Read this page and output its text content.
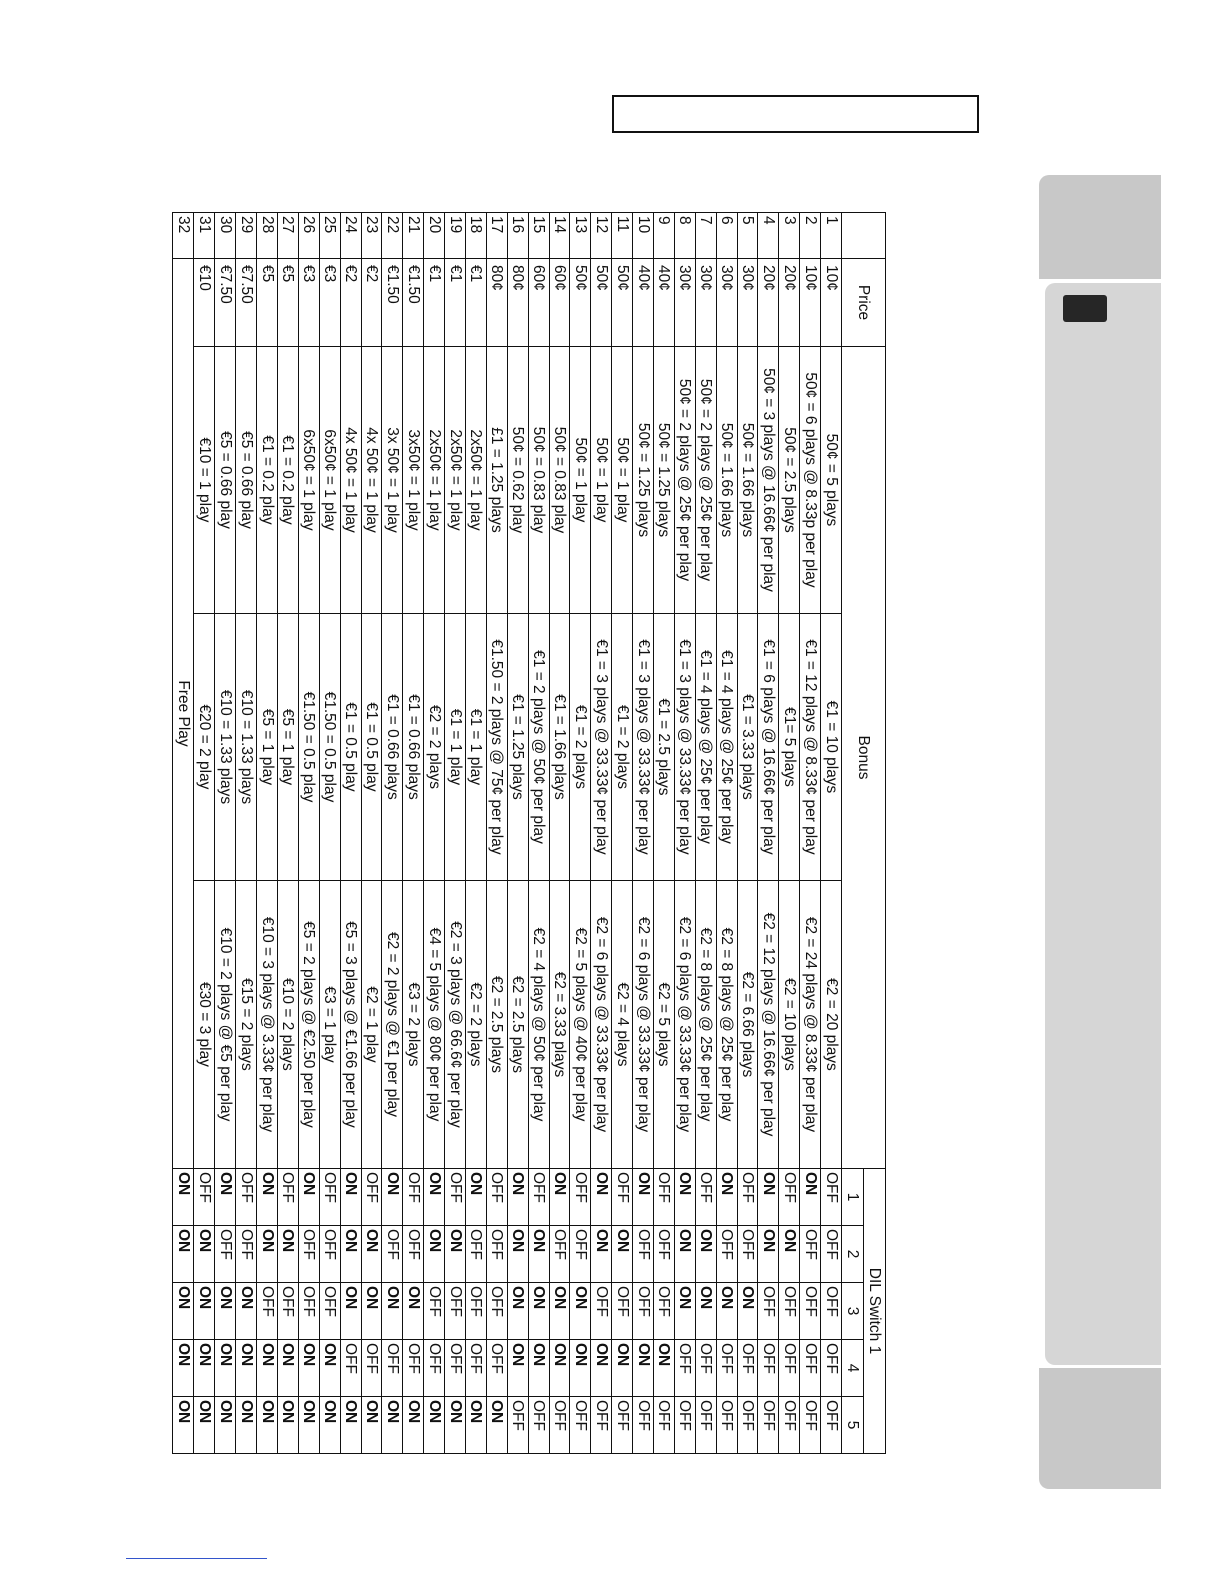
	Price	Bonus			DIL Switch 1				
					1	2	3	4	5
1	10¢	50¢ = 5 plays	€1 = 10 plays	€2 = 20 plays	OFF	OFF	OFF	OFF	OFF
2	10¢	50¢ = 6 plays @ 8.33p per play	€1 = 12 plays @ 8.33¢ per play	€2 = 24 plays @ 8.33¢ per play	ON	OFF	OFF	OFF	OFF
3	20¢	50¢ = 2.5 plays	€1= 5 plays	€2 = 10 plays	OFF	ON	OFF	OFF	OFF
4	20¢	50¢ = 3 plays @ 16.66¢ per play	€1 = 6 plays @ 16.66¢ per play	€2 = 12 plays @ 16.66¢ per play	ON	ON	OFF	OFF	OFF
5	30¢	50¢ = 1.66 plays	€1 = 3.33 plays	€2 = 6.66 plays	OFF	OFF	ON	OFF	OFF
6	30¢	50¢ = 1.66 plays	€1 = 4 plays @ 25¢ per play	€2 = 8 plays @ 25¢ per play	ON	OFF	ON	OFF	OFF
7	30¢	50¢ = 2 plays @ 25¢ per play	€1 = 4 plays @ 25¢ per play	€2 = 8 plays @ 25¢ per play	OFF	ON	ON	OFF	OFF
8	30¢	50¢ = 2 plays @ 25¢ per play	€1 = 3 plays @ 33.33¢ per play	€2 = 6 plays @ 33.33¢ per play	ON	ON	ON	OFF	OFF
9	40¢	50¢ = 1.25 plays	€1 = 2.5 plays	€2 = 5 plays	OFF	OFF	OFF	ON	OFF
10	40¢	50¢ = 1.25 plays	€1 = 3 plays @ 33.33¢ per play	€2 = 6 plays @ 33.33¢ per play	ON	OFF	OFF	ON	OFF
11	50¢	50¢ = 1 play	€1 = 2 plays	€2 = 4 plays	OFF	ON	OFF	ON	OFF
12	50¢	50¢ = 1 play	€1 = 3 plays @ 33.33¢ per play	€2 = 6 plays @ 33.33¢ per play	ON	ON	OFF	ON	OFF
13	50¢	50¢ = 1 play	€1 = 2 plays	€2 = 5 plays @ 40¢ per play	OFF	OFF	ON	ON	OFF
14	60¢	50¢ = 0.83 play	€1 = 1.66 plays	€2 = 3.33 plays	ON	OFF	ON	ON	OFF
15	60¢	50¢ = 0.83 play	€1 = 2 plays @ 50¢ per play	€2 = 4 plays @ 50¢ per play	OFF	ON	ON	ON	OFF
16	80¢	50¢ = 0.62 play	€1 = 1.25 plays	€2 = 2.5 plays	ON	ON	ON	ON	OFF
17	80¢	£1 = 1.25 plays	€1.50 = 2 plays @ 75¢ per play	€2 = 2.5 plays	OFF	OFF	OFF	OFF	ON
18	€1	2x50¢ = 1 play	€1 = 1 play	€2 = 2 plays	ON	OFF	OFF	OFF	ON
19	€1	2x50¢ = 1 play	€1 = 1 play	€2 = 3 plays @ 66.6¢ per play	OFF	ON	OFF	OFF	ON
20	€1	2x50¢ = 1 play	€2 = 2 plays	€4 = 5 plays @ 80¢ per play	ON	ON	OFF	OFF	ON
21	€1.50	3x50¢ = 1 play	€1 = 0.66 plays	€3 = 2 plays	OFF	OFF	ON	OFF	ON
22	€1.50	3x 50¢ = 1 play	€1 = 0.66 plays	€2 = 2 plays @ €1 per play	ON	OFF	ON	OFF	ON
23	€2	4x 50¢ = 1 play	€1 = 0.5 play	€2 = 1 play	OFF	ON	ON	OFF	ON
24	€2	4x 50¢ = 1 play	€1 = 0.5 play	€5 = 3 plays @ €1.66 per play	ON	ON	ON	OFF	ON
25	€3	6x50¢ = 1 play	€1.50 = 0.5 play	€3 = 1 play	OFF	OFF	OFF	ON	ON
26	€3	6x50¢ = 1 play	€1.50 = 0.5 play	€5 = 2 plays @ €2.50 per play	ON	OFF	OFF	ON	ON
27	€5	€1 = 0.2 play	€5 = 1 play	€10 = 2 plays	OFF	ON	OFF	ON	ON
28	€5	€1 = 0.2 play	€5 = 1 play	€10 = 3 plays @ 3.33¢ per play	ON	ON	OFF	ON	ON
29	€7.50	€5 = 0.66 play	€10 = 1.33 plays	€15 = 2 plays	OFF	OFF	ON	ON	ON
30	€7.50	€5 = 0.66 play	€10 = 1.33 plays	€10 = 2 plays @ €5 per play	ON	OFF	ON	ON	ON
31	€10	€10 = 1 play	€20 = 2 play	€30 = 3 play	OFF	ON	ON	ON	ON
32	Free Play				ON	ON	ON	ON	ON
